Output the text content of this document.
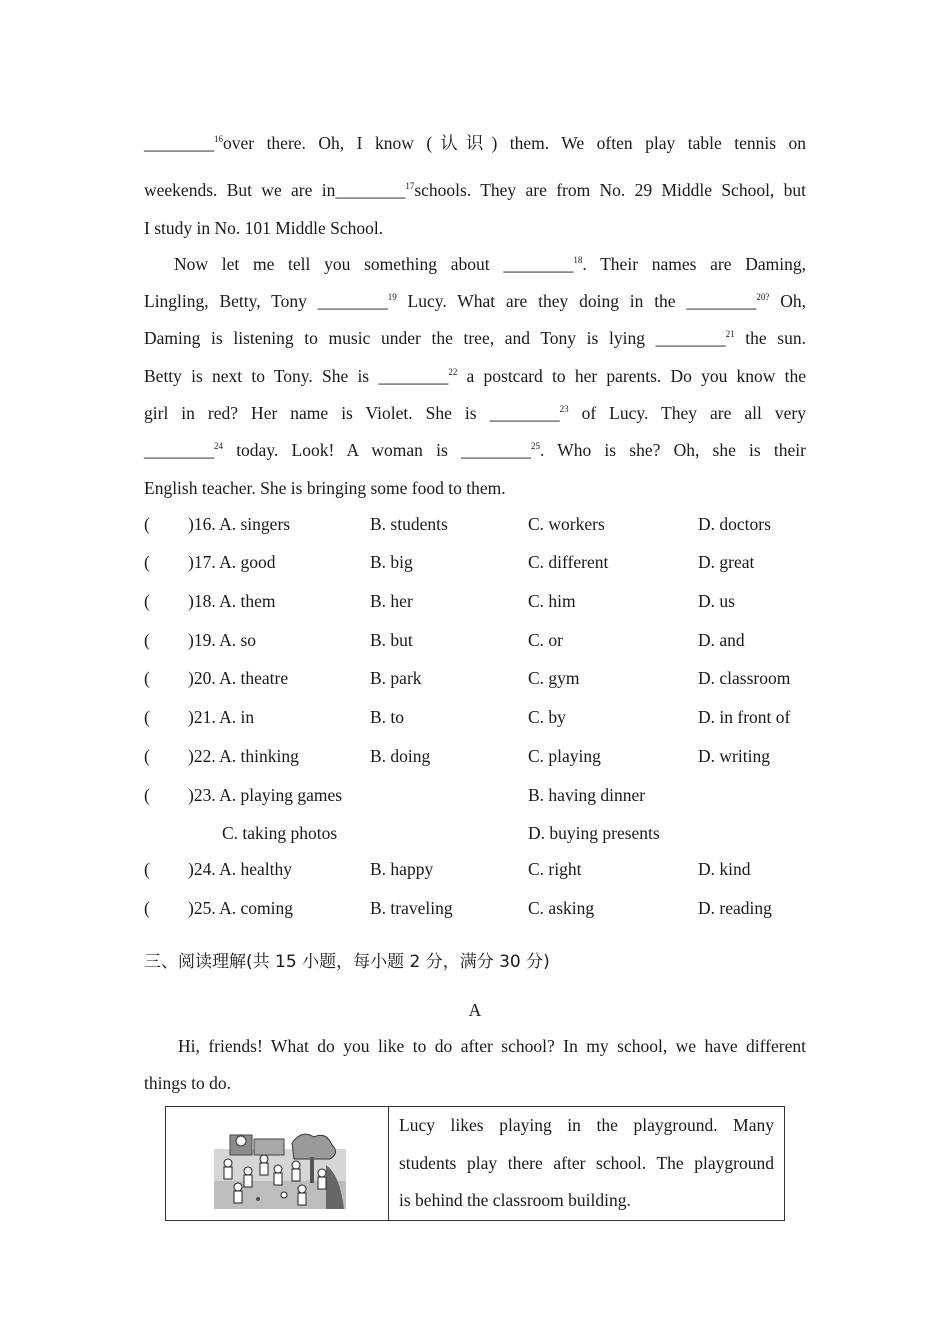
________$^{16}$over there. Oh, I know (认识) them. We often play table tennis on
weekends. But we are in________$^{17}$schools. They are from No. 29 Middle School, but
I study in No. 101 Middle School.
Now let me tell you something about ________$^{18}$. Their names are Daming,
Lingling, Betty, Tony ________$^{19}$ Lucy. What are they doing in the ________$^{20?}$ Oh,
Daming is listening to music under the tree, and Tony is lying ________$^{21}$ the sun.
Betty is next to Tony. She is ________$^{22}$ a postcard to her parents. Do you know the
girl in red? Her name is Violet. She is ________$^{23}$ of Lucy. They are all very
________$^{24}$ today. Look! A woman is ________$^{25}$. Who is she? Oh, she is their
English teacher. She is bringing some food to them.
( )16. A. singers	B. students	C. workers	D. doctors
( )17. A. good	B. big	C. different	D. great
( )18. A. them	B. her	C. him	D. us
( )19. A. so	B. but	C. or	D. and
( )20. A. theatre	B. park	C. gym	D. classroom
( )21. A. in	B. to	C. by	D. in front of
( )22. A. thinking	B. doing	C. playing	D. writing
( )23. A. playing games	B. having dinner
C. taking photos	D. buying presents
( )24. A. healthy	B. happy	C. right	D. kind
( )25. A. coming	B. traveling	C. asking	D. reading
三、阅读理解(共 15 小题，每小题 2 分，满分 30 分)
A
Hi, friends! What do you like to do after school? In my school, we have different
things to do.

Lucy likes playing in the playground. Many
students play there after school. The playground
is behind the classroom building.
